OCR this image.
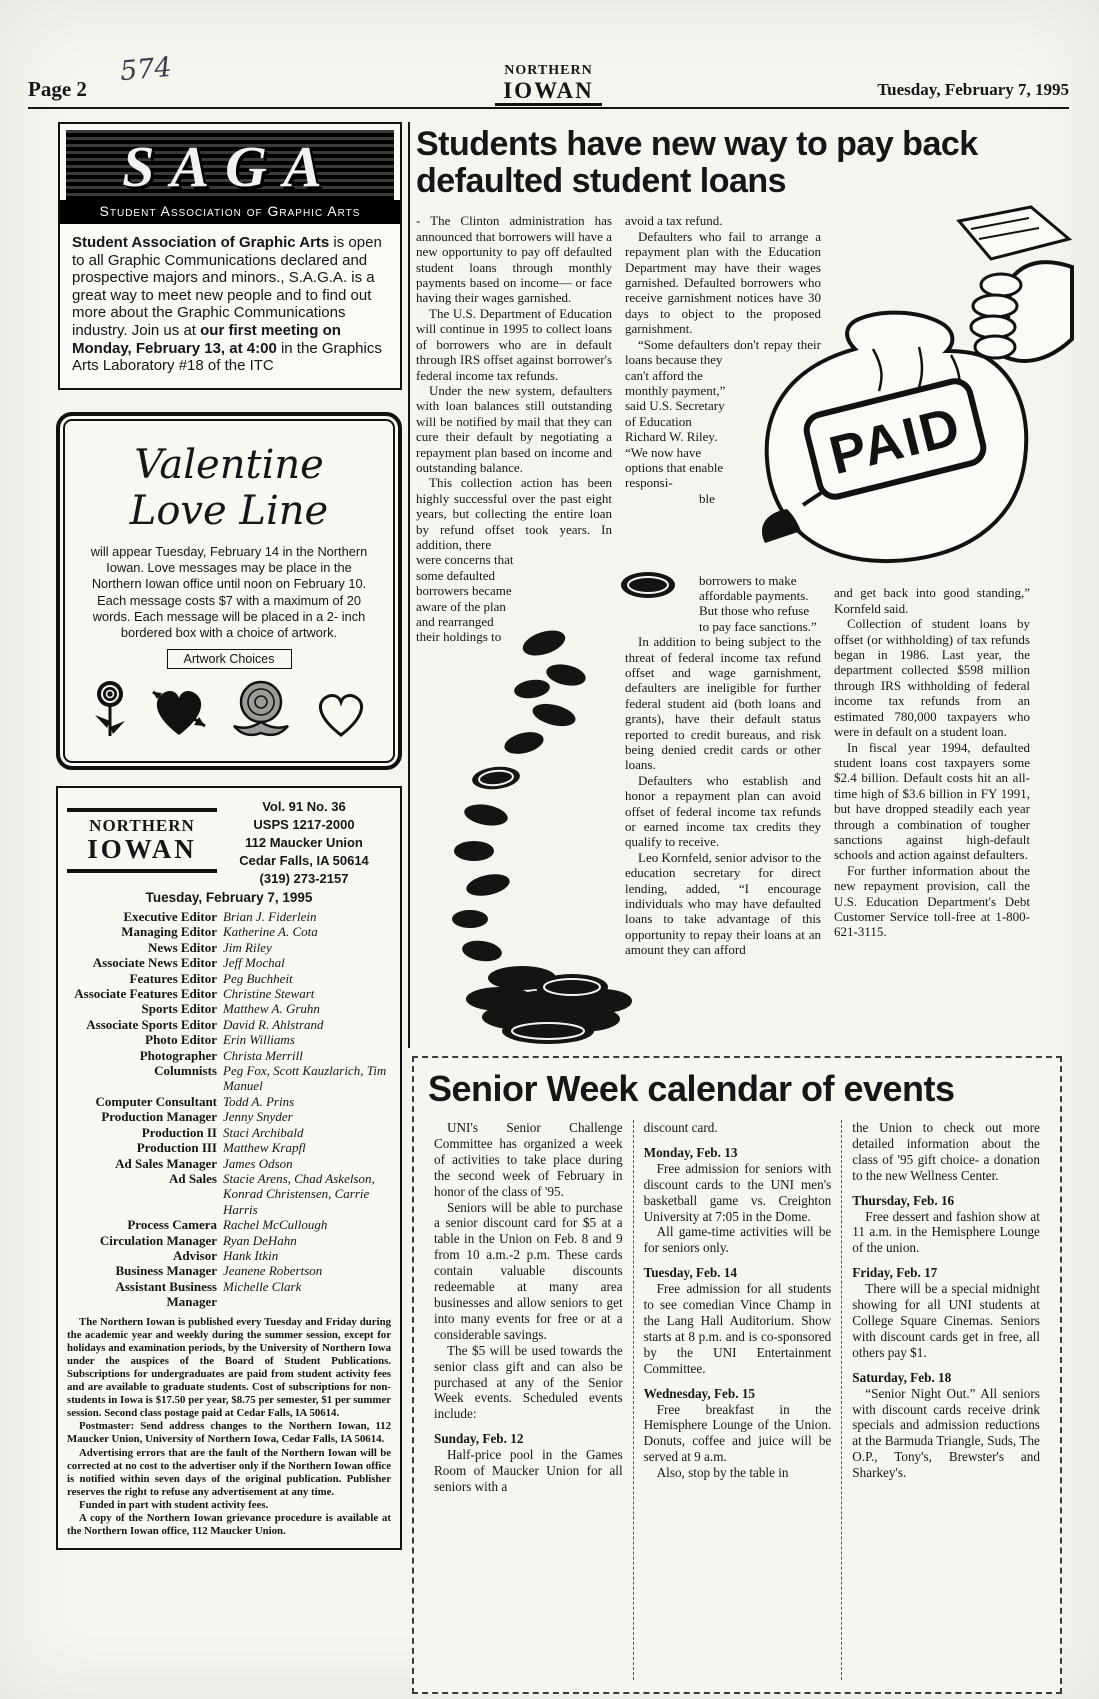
Page 2
574	NORTHERN
IOWAN	Tuesday, February 7, 1995
SAGA
Student Association of Graphic Arts

Student Association of Graphic Arts is open to all Graphic Communications declared and prospective majors and minors., S.A.G.A. is a great way to meet new people and to find out more about the Graphic Communications industry. Join us at our first meeting on Monday, February 13, at 4:00 in the Graphics Arts Laboratory #18 of the ITC

Valentine
Love Line

will appear Tuesday, February 14 in the Northern Iowan. Love messages may be place in the Northern Iowan office until noon on February 10. Each message costs $7 with a maximum of 20 words. Each message will be placed in a 2- inch bordered box with a choice of artwork.

Artwork Choices
NORTHERN
IOWAN
Vol. 91 No. 36
USPS 1217-2000
112 Maucker Union
Cedar Falls, IA 50614
(319) 273-2157
Tuesday, February 7, 1995
Executive Editor Brian J. Fiderlein
Managing Editor Katherine A. Cota
News Editor Jim Riley
Associate News Editor Jeff Mochal
Features Editor Peg Buchheit
Associate Features Editor Christine Stewart
Sports Editor Matthew A. Gruhn
Associate Sports Editor David R. Ahlstrand
Photo Editor Erin Williams
Photographer Christa Merrill
Columnists Peg Fox, Scott Kauzlarich, Tim Manuel
Computer Consultant Todd A. Prins
Production Manager Jenny Snyder
Production II Staci Archibald
Production III Matthew Krapfl
Ad Sales Manager James Odson
Ad Sales Stacie Arens, Chad Askelson, Konrad Christensen, Carrie Harris
Process Camera Rachel McCullough
Circulation Manager Ryan DeHahn
Advisor Hank Itkin
Business Manager Jeanene Robertson
Assistant Business Manager
Michelle Clark

The Northern Iowan is published every Tuesday and Friday during the academic year and weekly during the summer session, except for holidays and examination periods, by the University of Northern Iowa under the auspices of the Board of Student Publications. Subscriptions for undergraduates are paid from student activity fees and are available to graduate students. Cost of subscriptions for non-students in Iowa is $17.50 per year, $8.75 per semester, $1 per summer session. Second class postage paid at Cedar Falls, IA 50614.

Postmaster: Send address changes to the Northern Iowan, 112 Maucker Union, University of Northern Iowa, Cedar Falls, IA 50614.

Advertising errors that are the fault of the Northern Iowan will be corrected at no cost to the advertiser only if the Northern Iowan office is notified within seven days of the original publication. Publisher reserves the right to refuse any advertisement at any time.

Funded in part with student activity fees.

A copy of the Northern Iowan grievance procedure is available at the Northern Iowan office, 112 Maucker Union.

Students have new way to pay back defaulted student loans

- The Clinton administration has announced that borrowers will have a new opportunity to pay off defaulted student loans through monthly payments based on income— or face having their wages garnished.

The U.S. Department of Education will continue in 1995 to collect loans of borrowers who are in default through IRS offset against borrower's federal income tax refunds.

Under the new system, defaulters with loan balances still outstanding will be notified by mail that they can cure their default by negotiating a repayment plan based on income and outstanding balance.

This collection action has been highly successful over the past eight years, but collecting the entire loan by refund offset took years. In addition, there

were concerns that some defaulted borrowers became aware of the plan and rearranged their holdings to

avoid a tax refund.

Defaulters who fail to arrange a repayment plan with the Education Department may have their wages garnished. Defaulted borrowers who receive garnishment notices have 30 days to object to the proposed garnishment.

“Some defaulters don't repay their loans because they

can't afford the monthly payment,” said U.S. Secretary of Education Richard W. Riley. “We now have options that enable responsi-

ble borrowers to make affordable payments. But those who refuse to pay face sanctions.”

In addition to being subject to the threat of federal income tax refund offset and wage garnishment, defaulters are ineligible for further federal student aid (both loans and grants), have their default status reported to credit bureaus, and risk being denied credit cards or other loans.

Defaulters who establish and honor a repayment plan can avoid offset of federal income tax refunds or earned income tax credits they qualify to receive.

Leo Kornfeld, senior advisor to the education secretary for direct lending, added, “I encourage individuals who may have defaulted loans to take advantage of this opportunity to repay their loans at an amount they can afford

and get back into good standing,” Kornfeld said.

Collection of student loans by offset (or withholding) of tax refunds began in 1986. Last year, the department collected $598 million through IRS withholding of federal income tax refunds from an estimated 780,000 taxpayers who were in default on a student loan.

In fiscal year 1994, defaulted student loans cost taxpayers some $2.4 billion. Default costs hit an all-time high of $3.6 billion in FY 1991, but have dropped steadily each year through a combination of tougher sanctions against high-default schools and action against defaulters.

For further information about the new repayment provision, call the U.S. Education Department's Debt Customer Service toll-free at 1-800-621-3115.

PAID
Senior Week calendar of events

UNI's Senior Challenge Committee has organized a week of activities to take place during the second week of February in honor of the class of '95.

Seniors will be able to purchase a senior discount card for $5 at a table in the Union on Feb. 8 and 9 from 10 a.m.-2 p.m. These cards contain valuable discounts redeemable at many area businesses and allow seniors to get into many events for free or at a considerable savings.

The $5 will be used towards the senior class gift and can also be purchased at any of the Senior Week events. Scheduled events include:

Sunday, Feb. 12

Half-price pool in the Games Room of Maucker Union for all seniors with a

discount card.

Monday, Feb. 13

Free admission for seniors with discount cards to the UNI men's basketball game vs. Creighton University at 7:05 in the Dome.

All game-time activities will be for seniors only.

Tuesday, Feb. 14

Free admission for all students to see comedian Vince Champ in the Lang Hall Auditorium. Show starts at 8 p.m. and is co-sponsored by the UNI Entertainment Committee.

Wednesday, Feb. 15

Free breakfast in the Hemisphere Lounge of the Union. Donuts, coffee and juice will be served at 9 a.m.

Also, stop by the table in

the Union to check out more detailed information about the class of '95 gift choice- a donation to the new Wellness Center.

Thursday, Feb. 16

Free dessert and fashion show at 11 a.m. in the Hemisphere Lounge of the union.

Friday, Feb. 17

There will be a special midnight showing for all UNI students at College Square Cinemas. Seniors with discount cards get in free, all others pay $1.

Saturday, Feb. 18

“Senior Night Out.” All seniors with discount cards receive drink specials and admission reductions at the Barmuda Triangle, Suds, The O.P., Tony's, Brewster's and Sharkey's.
